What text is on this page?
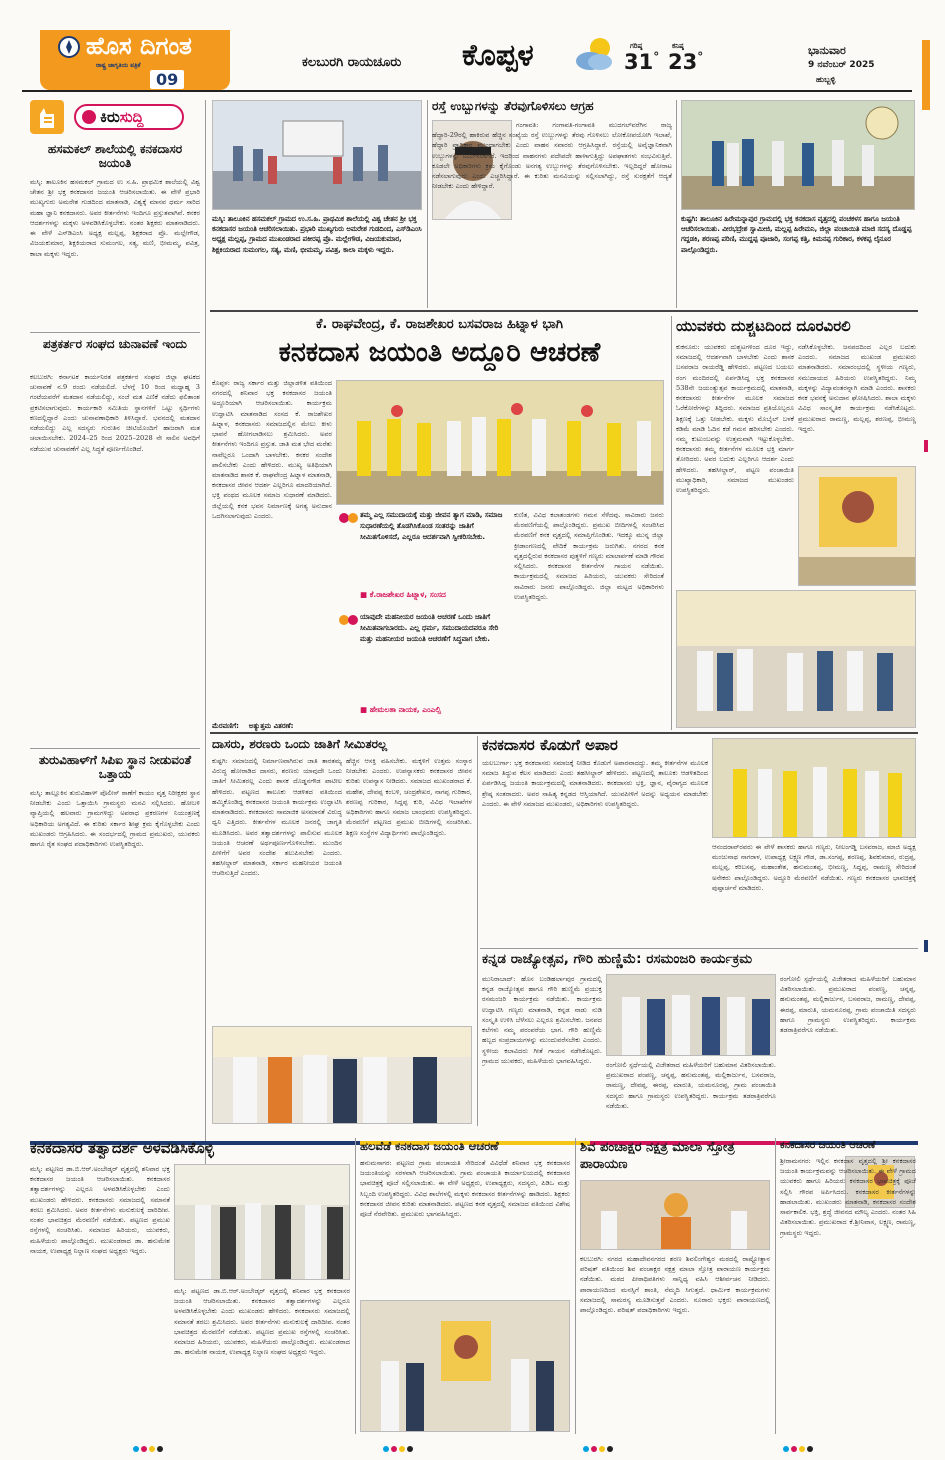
ಹೊಸ ದಿಗಂತ
ರಾಷ್ಟ್ರ ಜಾಗೃತಿಯ ಪತ್ರಿಕೆ
09
ಕಲಬುರಗಿ ರಾಯಚೂರು ಕೊಪ್ಪಳ	ಗರಿಷ್ಠ
31°
ಕನಿಷ್ಠ
23°	ಭಾನುವಾರ
9 ನವೆಂಬರ್ 2025
ಹುಬ್ಬಳ್ಳಿ
ಕಿರುಸುದ್ದಿ
ಹಸಮಕಲ್ ಶಾಲೆಯಲ್ಲಿ ಕನಕದಾಸರ ಜಯಂತಿ
ಮಸ್ಕಿ: ತಾಲೂಕಿನ ಹಸಮಕಲ್ ಗ್ರಾಮದ ಉ ಸ.ಹಿ. ಪ್ರಾಥಮಿಕ ಶಾಲೆಯಲ್ಲಿ ವಿಶ್ವ ಚೇತನ ಶ್ರೀ ಭಕ್ತ ಕನಕದಾಸರ ಜಯಂತಿ ಆಚರಿಸಲಾಯಿತು. ಈ ವೇಳೆ ಪ್ರಭಾರಿ ಮುಖ್ಯಗುರು ಅಮರೇಶ ಗುಡದಿಂದ ಮಾತನಾಡಿ, ವಿಶ್ವಕ್ಕೆ ಮಾನವ ಧರ್ಮ ಸಾರಿದ ಮಹಾ ಜ್ಞಾನಿ ಕನಕದಾಸರು. ಅವರ ಕೀರ್ತನೆಗಳು ಇಂದಿಗೂ ಪ್ರಸ್ತುತವಾಗಿವೆ. ಕನಕರ ಆದರ್ಶಗಳನ್ನು ಮಕ್ಕಳು ಅಳವಡಿಸಿಕೊಳ್ಳಬೇಕು. ನಂತರ ಶಿಕ್ಷಕರು ಮಾತನಾಡಿದರು. ಈ ವೇಳೆ ಎಸ್‌ಡಿಎಂಸಿ ಅಧ್ಯಕ್ಷ ಮಲ್ಲಪ್ಪ, ಶಿಕ್ಷಕರಾದ ಪ್ರೊ. ಮಲ್ಲೇಗೌಡ, ವಿಜಯಕುಮಾರ, ಶಿಕ್ಷಕಿಯರಾದ ಸುಮಂಗಲ, ಸತ್ಯ, ಮಣಿ, ಭೀಮಮ್ಮ, ಪವಿತ್ರ, ಕಾಲಾ ಮಕ್ಕಳು ಇದ್ದರು.
ಪತ್ರಕರ್ತರ ಸಂಘದ ಚುನಾವಣೆ ಇಂದು
ಕಲಬುರಗಿ: ಕರ್ನಾಟಕ ಕಾರ್ಯನಿರತ ಪತ್ರಕರ್ತರ ಸಂಘದ ಜಿಲ್ಲಾ ಘಟಕದ ಚುನಾವಣೆ ನ.9 ರಂದು ನಡೆಯಲಿದೆ. ಬೆಳಗ್ಗೆ 10 ರಿಂದ ಮಧ್ಯಾಹ್ನ 3 ಗಂಟೆಯವರೆಗೆ ಮತದಾನ ನಡೆಯಲಿದ್ದು, ಸಂಜೆ ಮತ ಎಣಿಕೆ ನಡೆದು ಫಲಿತಾಂಶ ಪ್ರಕಟಿಸಲಾಗುವುದು. ಕಾರ್ಯಕಾರಿ ಸಮಿತಿಯ ಸ್ಥಾನಗಳಿಗೆ ಒಟ್ಟು ಸ್ಪರ್ಧಿಗಳು ಕಣದಲ್ಲಿದ್ದಾರೆ ಎಂದು ಚುನಾವಣಾಧಿಕಾರಿ ತಿಳಿಸಿದ್ದಾರೆ. ಭವನದಲ್ಲಿ ಮತದಾನ ನಡೆಯಲಿದ್ದು ಎಲ್ಲ ಸದಸ್ಯರು ಗುರುತಿನ ಚೀಟಿಯೊಂದಿಗೆ ಹಾಜರಾಗಿ ಮತ ಚಲಾಯಿಸಬೇಕು. 2024–25 ರಿಂದ 2025–2028 ನೇ ಸಾಲಿನ ಅವಧಿಗೆ ನಡೆಯುವ ಚುನಾವಣೆಗೆ ಎಲ್ಲ ಸಿದ್ಧತೆ ಪೂರ್ಣಗೊಂಡಿದೆ.
ತುರುವಿಹಾಳ್‌ಗೆ ಸಿಪಿಐ ಸ್ಥಾನ ನೀಡುವಂತೆ ಒತ್ತಾಯ
ಮಸ್ಕಿ: ತಾಲ್ಲೂಕಿನ ತುರುವಿಹಾಳ್ ಪೊಲೀಸ್ ಠಾಣೆಗೆ ಕಾಯಂ ವೃತ್ತ ನಿರೀಕ್ಷಕರ ಸ್ಥಾನ ನೀಡಬೇಕು ಎಂದು ಒತ್ತಾಯಿಸಿ ಗ್ರಾಮಸ್ಥರು ಮನವಿ ಸಲ್ಲಿಸಿದರು. ಹೋಬಳಿ ವ್ಯಾಪ್ತಿಯಲ್ಲಿ ಹಲವಾರು ಗ್ರಾಮಗಳಿದ್ದು ಅಪರಾಧ ಪ್ರಕರಣಗಳ ನಿಯಂತ್ರಣಕ್ಕೆ ಅಧಿಕಾರಿಯ ಅಗತ್ಯವಿದೆ. ಈ ಕುರಿತು ಸರ್ಕಾರ ಶೀಘ್ರ ಕ್ರಮ ಕೈಗೊಳ್ಳಬೇಕು ಎಂದು ಮುಖಂಡರು ಆಗ್ರಹಿಸಿದರು. ಈ ಸಂದರ್ಭದಲ್ಲಿ ಗ್ರಾಮದ ಪ್ರಮುಖರು, ಯುವಕರು ಹಾಗೂ ರೈತ ಸಂಘದ ಪದಾಧಿಕಾರಿಗಳು ಉಪಸ್ಥಿತರಿದ್ದರು.
ಮಸ್ಕಿ: ತಾಲೂಕಿನ ಹಸಮಕಲ್ ಗ್ರಾಮದ ಉ.ಸ.ಹಿ. ಪ್ರಾಥಮಿಕ ಶಾಲೆಯಲ್ಲಿ ವಿಶ್ವ ಚೇತನ ಶ್ರೀ ಭಕ್ತ ಕನಕದಾಸರ ಜಯಂತಿ ಆಚರಿಸಲಾಯಿತು. ಪ್ರಭಾರಿ ಮುಖ್ಯಗುರು ಅಮರೇಶ ಗುಡದಿಂದ, ಎಸ್‌ಡಿಎಂಸಿ ಅಧ್ಯಕ್ಷ ಮಲ್ಲಪ್ಪ, ಗ್ರಾಮದ ಮುಖಂಡರಾದ ಪಕೀರಪ್ಪ ಪ್ರೊ. ಮಲ್ಲೇಗೌಡ, ವಿಜಯಕುಮಾರ, ಶಿಕ್ಷಕಿಯರಾದ ಸುಮಂಗಲ, ಸತ್ಯ, ಮಣಿ, ಭೀಮಮ್ಮ, ಪವಿತ್ರ, ಕಾಲಾ ಮಕ್ಕಳು ಇದ್ದರು.
ರಸ್ತೆ ಉಬ್ಬುಗಳನ್ನು ತೆರವುಗೊಳಿಸಲು ಆಗ್ರಹ
ಗಂಗಾವತಿ: ಗಂಗಾವತಿ-ಗಂಗಾವತಿ ಮುದಗಲ್‌ವರೆಗಿನ ರಾಜ್ಯ ಹೆದ್ದಾರಿ-29ರಲ್ಲಿ ಹಾಕಿರುವ ಹೆಚ್ಚಿನ ಸಂಖ್ಯೆಯ ರಸ್ತೆ ಉಬ್ಬುಗಳನ್ನು ತೆರವು ಗೊಳಿಸಲು ಲೋಕೋಪಯೋಗಿ ಇಲಾಖೆ, ಹೆದ್ದಾರಿ ಪ್ರಾಧಿಕಾರ ಮುಂದಾಗಬೇಕು ಎಂದು ವಾಹನ ಸವಾರರು ಆಗ್ರಹಿಸಿದ್ದಾರೆ. ರಸ್ತೆಯಲ್ಲಿ ಅವೈಜ್ಞಾನಿಕವಾಗಿ ಉಬ್ಬುಗಳನ್ನು ನಿರ್ಮಿಸಲಾಗಿದೆ. ಇದರಿಂದ ವಾಹನಗಳು ಪದೇಪದೇ ಹಾಳಾಗುತ್ತಿದ್ದು ಅಪಘಾತಗಳು ಸಂಭವಿಸುತ್ತಿವೆ. ಕೂಡಲೇ ಅಧಿಕಾರಿಗಳು ಕ್ರಮ ಕೈಗೊಂಡು ಅನಗತ್ಯ ಉಬ್ಬುಗಳನ್ನು ತೆರವುಗೊಳಿಸಬೇಕು. ಇಲ್ಲದಿದ್ದರೆ ಹೋರಾಟ ನಡೆಸಲಾಗುವುದು ಎಂದು ಎಚ್ಚರಿಸಿದ್ದಾರೆ. ಈ ಕುರಿತು ಮನವಿಯನ್ನು ಸಲ್ಲಿಸಲಾಗಿದ್ದು, ರಸ್ತೆ ಸುರಕ್ಷತೆಗೆ ಆದ್ಯತೆ ನೀಡಬೇಕು ಎಂದು ಹೇಳಿದ್ದಾರೆ.
ಕುಷ್ಟಗಿ: ತಾಲೂಕಿನ ಹಿರೇಮನ್ನಾಪುರ ಗ್ರಾಮದಲ್ಲಿ ಭಕ್ತ ಕನಕದಾಸ ವೃತ್ತದಲ್ಲಿ ಪಂಚಕಳಸ ಹಾಗೂ ಜಯಂತಿ ಆಚರಿಸಲಾಯಿತು. ವೀರಭದ್ರೇಶ ಸ್ವಾಮೀಜಿ, ಮಲ್ಲಪ್ಪ ಹಿರೇಮನಿ, ಜಿಲ್ಲಾ ಪಂಚಾಯಿತಿ ಮಾಜಿ ಸದಸ್ಯ ದೊಡ್ಡಪ್ಪ ಗದ್ದಡಕಿ, ಶರಣಪ್ಪ ಪರಿಣಿ, ಮುದ್ದಪ್ಪ ಪೂಜಾರಿ, ಸಂಗಪ್ಪ ಕತ್ತಿ, ಕಿಮನಪ್ಪ ಗುರಿಕಾರ, ಕಳಕಪ್ಪ ಲೈನೂರ ಪಾಲ್ಗೊಂಡಿದ್ದರು.
ಕೆ. ರಾಘವೇಂದ್ರ, ಕೆ. ರಾಜಶೇಖರ ಬಸವರಾಜ ಹಿಟ್ನಾಳ ಭಾಗಿ
ಕನಕದಾಸ ಜಯಂತಿ ಅದ್ದೂರಿ ಆಚರಣೆ
ಕೊಪ್ಪಳ: ರಾಜ್ಯ ಸರ್ಕಾರ ಮತ್ತು ಜಿಲ್ಲಾಡಳಿತ ವತಿಯಿಂದ ನಗರದಲ್ಲಿ ಶನಿವಾರ ಭಕ್ತ ಕನಕದಾಸರ ಜಯಂತಿ ಅದ್ದೂರಿಯಾಗಿ ಆಚರಿಸಲಾಯಿತು. ಕಾರ್ಯಕ್ರಮ ಉದ್ಘಾಟಿಸಿ ಮಾತನಾಡಿದ ಸಂಸದ ಕೆ. ರಾಜಶೇಖರ ಹಿಟ್ನಾಳ, ಕನಕದಾಸರು ಸಮಾಜದಲ್ಲಿನ ಮೇಲು ಕೀಳು ಭಾವನೆ ಹೋಗಲಾಡಿಸಲು ಶ್ರಮಿಸಿದರು. ಅವರ ಕೀರ್ತನೆಗಳು ಇಂದಿಗೂ ಪ್ರಸ್ತುತ. ಜಾತಿ ಮತ ಭೇದ ಮರೆತು ನಾವೆಲ್ಲರೂ ಒಂದಾಗಿ ಬಾಳಬೇಕು. ಕನಕರ ಸಂದೇಶ ಪಾಲಿಸಬೇಕು ಎಂದು ಹೇಳಿದರು. ಮುಖ್ಯ ಅತಿಥಿಯಾಗಿ ಮಾತನಾಡಿದ ಶಾಸಕ ಕೆ. ರಾಘವೇಂದ್ರ ಹಿಟ್ನಾಳ ಮಾತನಾಡಿ, ಕನಕದಾಸರ ಜೀವನ ಆದರ್ಶ ಎಲ್ಲರಿಗೂ ಮಾದರಿಯಾಗಿದೆ. ಭಕ್ತಿ ಪಂಥದ ಮೂಲಕ ಸಮಾಜ ಸುಧಾರಣೆ ಮಾಡಿದರು. ಜಿಲ್ಲೆಯಲ್ಲಿ ಕನಕ ಭವನ ನಿರ್ಮಾಣಕ್ಕೆ ಅಗತ್ಯ ಅನುದಾನ ಒದಗಿಸಲಾಗುವುದು ಎಂದರು.	ತಮ್ಮ ಎಲ್ಲ ಸಮುದಾಯಕ್ಕೆ ಮತ್ತು ಜೀವನ ತ್ಯಾಗ ಮಾಡಿ, ಸಮಾಜ ಸುಧಾರಣೆಯಲ್ಲಿ ತೊಡಗಿಸಿಕೊಂಡ ಸಂತರನ್ನು ಜಾತಿಗೆ ಸೀಮಿತಗೊಳಿಸದೆ, ಎಲ್ಲರೂ ಆದರ್ಶವಾಗಿ ಸ್ವೀಕರಿಸಬೇಕು.
■ ಕೆ.ರಾಜಶೇಖರ ಹಿಟ್ನಾಳ, ಸಂಸದ
ಯಾವುದೇ ಮಹನೀಯರ ಜಯಂತಿ ಆಚರಣೆ ಒಂದು ಜಾತಿಗೆ ಸೀಮಿತವಾಗಬಾರದು. ಎಲ್ಲ ಧರ್ಮ, ಸಮುದಾಯದವರೂ ಸೇರಿ ಮತ್ತು ಮಹನೀಯರ ಜಯಂತಿ ಆಚರಣೆಗೆ ಸಿದ್ಧವಾಗ ಬೇಕು.
■ ಹೇಮಲತಾ ನಾಯಕ, ಎಂಎಲ್ಸಿ
ಕುಣಿತ, ವಿವಿಧ ಕಲಾತಂಡಗಳು ಗಮನ ಸೆಳೆದವು. ಸಾವಿರಾರು ಜನರು ಮೆರವಣಿಗೆಯಲ್ಲಿ ಪಾಲ್ಗೊಂಡಿದ್ದರು. ಪ್ರಮುಖ ಬೀದಿಗಳಲ್ಲಿ ಸಂಚರಿಸಿದ ಮೆರವಣಿಗೆ ಕನಕ ವೃತ್ತದಲ್ಲಿ ಸಮಾಪ್ತಿಗೊಂಡಿತು. ಇದಕ್ಕೂ ಮುನ್ನ ಜಿಲ್ಲಾ ಕ್ರೀಡಾಂಗಣದಲ್ಲಿ ವೇದಿಕೆ ಕಾರ್ಯಕ್ರಮ ಜರುಗಿತು. ನಗರದ ಕನಕ ವೃತ್ತದಲ್ಲಿರುವ ಕನಕದಾಸರ ಪುತ್ಥಳಿಗೆ ಗಣ್ಯರು ಮಾಲಾರ್ಪಣೆ ಮಾಡಿ ಗೌರವ ಸಲ್ಲಿಸಿದರು. ಕನಕದಾಸರ ಕೀರ್ತನೆಗಳ ಗಾಯನ ನಡೆಯಿತು. ಕಾರ್ಯಕ್ರಮದಲ್ಲಿ ಸಮಾಜದ ಹಿರಿಯರು, ಯುವಕರು ಸೇರಿದಂತೆ ಸಾವಿರಾರು ಜನರು ಪಾಲ್ಗೊಂಡಿದ್ದರು. ಜಿಲ್ಲಾ ಮಟ್ಟದ ಅಧಿಕಾರಿಗಳು ಉಪಸ್ಥಿತರಿದ್ದರು.
ಮೆರವಣಿಗೆ: ಅತ್ಯುತ್ತಮ ವಿತರಣೆ:
ಯುವಕರು ದುಶ್ಚಟದಿಂದ ದೂರವಿರಲಿ
ಕುಕನೂರು: ಯುವಕರು ದುಶ್ಚಟಗಳಿಂದ ದೂರ ಇದ್ದು, ಸಮಾಜದಲ್ಲಿ ಆದರ್ಶವಾಗಿ ಬಾಳಬೇಕು ಎಂದು ಶಾಸಕ ಬಸವರಾಜ ರಾಯರೆಡ್ಡಿ ಹೇಳಿದರು. ಪಟ್ಟಣದ ಬಯಲು ರಂಗ ಮಂದಿರದಲ್ಲಿ ಏರ್ಪಡಿಸಿದ್ದ ಭಕ್ತ ಕನಕದಾಸರ 538ನೇ ಜಯಂತ್ಯುತ್ಸವ ಕಾರ್ಯಕ್ರಮದಲ್ಲಿ ಮಾತನಾಡಿ, ಕನಕದಾಸರು ಕೀರ್ತನೆಗಳ ಮೂಲಕ ಸಮಾಜದ ಓರೆಕೋರೆಗಳನ್ನು ತಿದ್ದಿದರು. ಸಮಾಜದ ಪ್ರತಿಯೊಬ್ಬರೂ ಶಿಕ್ಷಣಕ್ಕೆ ಒತ್ತು ನೀಡಬೇಕು. ಮಕ್ಕಳು ಮೊಬೈಲ್ ಬಳಕೆ ಕಡಿಮೆ ಮಾಡಿ ಓದಿನ ಕಡೆ ಗಮನ ಹರಿಸಬೇಕು ಎಂದರು. ನಮ್ಮ ಕುಟುಂಬವನ್ನು ಉತ್ತಮವಾಗಿ ಇಟ್ಟುಕೊಳ್ಳಬೇಕು. ಕನಕದಾಸರು ತಮ್ಮ ಕೀರ್ತನೆಗಳ ಮೂಲಕ ಭಕ್ತಿ ಮಾರ್ಗ ತೋರಿದರು. ಅವರ ಬದುಕು ಎಲ್ಲರಿಗೂ ಆದರ್ಶ ಎಂದು ಹೇಳಿದರು. ತಹಸೀಲ್ದಾರ್, ಪಟ್ಟಣ ಪಂಚಾಯಿತಿ ಮುಖ್ಯಾಧಿಕಾರಿ, ಸಮಾಜದ ಮುಖಂಡರು ಉಪಸ್ಥಿತರಿದ್ದರು.
ನಡೆಸಿಕೊಳ್ಳಬೇಕು. ಜನಪದದಿಂದ ಎಲ್ಲರ ಬದುಕು ಎಂದರು. ಸಮಾಜದ ಮುಖಂಡ ಪ್ರಮುಖರು ಮಾತನಾಡಿದರು. ಸಮಾರಂಭದಲ್ಲಿ ಸ್ಥಳೀಯ ಗಣ್ಯರು, ಸಮುದಾಯದ ಹಿರಿಯರು ಉಪಸ್ಥಿತರಿದ್ದರು. ನಿಮ್ಮ ಮಕ್ಕಳನ್ನು ವಿದ್ಯಾವಂತರನ್ನಾಗಿ ಮಾಡಿ ಎಂದರು. ಶಾಸಕರು ಕನಕ ಭವನಕ್ಕೆ ಅನುದಾನ ಘೋಷಿಸಿದರು. ಶಾಲಾ ಮಕ್ಕಳು ವಿವಿಧ ಸಾಂಸ್ಕೃತಿಕ ಕಾರ್ಯಕ್ರಮ ನಡೆಸಿಕೊಟ್ಟರು. ಪ್ರಮುಖರಾದ ರಾಮಣ್ಣ, ಮಲ್ಲಪ್ಪ, ಶರಣಪ್ಪ, ಭೀಮಣ್ಣ ಇದ್ದರು.
ದಾಸರು, ಶರಣರು ಒಂದು ಜಾತಿಗೆ ಸೀಮಿತರಲ್ಲ
ಕುಷ್ಟಗಿ: ಸಮಾಜದಲ್ಲಿ ನಿರ್ಮಾಣವಾಗಿರುವ ಜಾತಿ ತಾರತಮ್ಯ ವಿರುದ್ಧ ಹೋರಾಡಿದ ದಾಸರು, ಶರಣರು ಯಾವುದೇ ಒಂದು ಜಾತಿಗೆ ಸೀಮಿತರಲ್ಲ ಎಂದು ಶಾಸಕ ದೊಡ್ಡನಗೌಡ ಪಾಟೀಲ ಹೇಳಿದರು. ಪಟ್ಟಣದ ತಾಲೂಕು ಆಡಳಿತದ ವತಿಯಿಂದ ಹಮ್ಮಿಕೊಂಡಿದ್ದ ಕನಕದಾಸರ ಜಯಂತಿ ಕಾರ್ಯಕ್ರಮ ಉದ್ಘಾಟಿಸಿ ಮಾತನಾಡಿದರು. ಕನಕದಾಸರು ಸಾಮಾಜಿಕ ಅಸಮಾನತೆ ವಿರುದ್ಧ ಧ್ವನಿ ಎತ್ತಿದರು. ಕೀರ್ತನೆಗಳ ಮೂಲಕ ಜನರಲ್ಲಿ ಜಾಗೃತಿ ಮೂಡಿಸಿದರು. ಅವರ ತತ್ವಾದರ್ಶಗಳನ್ನು ಪಾಲಿಸುವ ಮೂಲಕ ಜಯಂತಿ ಆಚರಣೆ ಅರ್ಥಪೂರ್ಣಗೊಳಿಸಬೇಕು. ಮುಂದಿನ ಪೀಳಿಗೆಗೆ ಅವರ ಸಂದೇಶ ತಲುಪಿಸಬೇಕು ಎಂದರು. ತಹಸೀಲ್ದಾರ್ ಮಾತನಾಡಿ, ಸರ್ಕಾರ ಮಹನೀಯರ ಜಯಂತಿ ಆಚರಿಸುತ್ತಿದೆ ಎಂದರು.
ಹೆಚ್ಚಿನ ಆಸಕ್ತಿ ವಹಿಸಬೇಕು. ಮಕ್ಕಳಿಗೆ ಉತ್ತಮ ಸಂಸ್ಕಾರ ನೀಡಬೇಕು ಎಂದರು. ಉಪನ್ಯಾಸಕರು ಕನಕದಾಸರ ಜೀವನ ಕುರಿತು ಉಪನ್ಯಾಸ ನೀಡಿದರು. ಸಮಾಜದ ಮುಖಂಡರಾದ ಕೆ. ಮಹೇಶ, ದೇವಪ್ಪ ಕಂಬಳಿ, ಚಂದ್ರಶೇಖರ, ನಾಗಪ್ಪ ಗುರಿಕಾರ, ಶರಣಪ್ಪ ಗುರಿಕಾರ, ಸಿದ್ದಪ್ಪ ಕುರಿ, ವಿವಿಧ ಇಲಾಖೆಗಳ ಅಧಿಕಾರಿಗಳು ಹಾಗೂ ಸಮಾಜ ಬಾಂಧವರು ಉಪಸ್ಥಿತರಿದ್ದರು. ಮೆರವಣಿಗೆ ಪಟ್ಟಣದ ಪ್ರಮುಖ ಬೀದಿಗಳಲ್ಲಿ ಸಂಚರಿಸಿತು. ಶಿಕ್ಷಣ ಸಂಸ್ಥೆಗಳ ವಿದ್ಯಾರ್ಥಿಗಳು ಪಾಲ್ಗೊಂಡಿದ್ದರು.
ಕನಕದಾಸರ ಕೊಡುಗೆ ಅಪಾರ
ಯಲಬುರ್ಗಾ: ಭಕ್ತ ಕನಕದಾಸರು ಸಮಾಜಕ್ಕೆ ನೀಡಿದ ಕೊಡುಗೆ ಅಪಾರವಾದದ್ದು. ತಮ್ಮ ಕೀರ್ತನೆಗಳ ಮೂಲಕ ಸಮಾಜ ತಿದ್ದುವ ಕೆಲಸ ಮಾಡಿದರು ಎಂದು ತಹಸೀಲ್ದಾರ್ ಹೇಳಿದರು. ಪಟ್ಟಣದಲ್ಲಿ ತಾಲೂಕು ಆಡಳಿತದಿಂದ ಏರ್ಪಡಿಸಿದ್ದ ಜಯಂತಿ ಕಾರ್ಯಕ್ರಮದಲ್ಲಿ ಮಾತನಾಡಿದರು. ಕನಕದಾಸರು ಭಕ್ತಿ, ಜ್ಞಾನ, ವೈರಾಗ್ಯದ ಮೂಲಕ ಶ್ರೇಷ್ಠ ಸಂತರಾದರು. ಅವರ ಸಾಹಿತ್ಯ ಕನ್ನಡದ ಆಸ್ತಿಯಾಗಿದೆ. ಯುವಪೀಳಿಗೆ ಅದನ್ನು ಅಧ್ಯಯನ ಮಾಡಬೇಕು ಎಂದರು. ಈ ವೇಳೆ ಸಮಾಜದ ಮುಖಂಡರು, ಅಧಿಕಾರಿಗಳು ಉಪಸ್ಥಿತರಿದ್ದರು.
ಆನಂದರಾವ್‌ರವರು ಈ ವೇಳೆ ಶಾಸಕರು ಹಾಗೂ ಗಣ್ಯರು, ನೀಲಂಗಡ್ಡಿ ಬಸವರಾಜ, ಮಾಜಿ ಅಧ್ಯಕ್ಷ ಮಂಜುನಾಥ ನಾಗರಾಳ, ಉಪಾಧ್ಯಕ್ಷ ಲಕ್ಷ್ಮಣ ಗೌಡ, ಡಾ.ಸಂಗಪ್ಪ, ಶರಣಪ್ಪ, ಶಿವಕುಮಾರ, ರುದ್ರಪ್ಪ, ಮಲ್ಲಪ್ಪ, ಕರಿಬಸಪ್ಪ, ಮಹಾಂತೇಶ, ಹನುಮಂತಪ್ಪ, ಭೀಮಣ್ಣ, ಸಿದ್ದಪ್ಪ, ರಾಮಣ್ಣ ಸೇರಿದಂತೆ ಅನೇಕರು ಪಾಲ್ಗೊಂಡಿದ್ದರು. ಅದ್ದೂರಿ ಮೆರವಣಿಗೆ ನಡೆಯಿತು. ಗಣ್ಯರು ಕನಕದಾಸರ ಭಾವಚಿತ್ರಕ್ಕೆ ಪುಷ್ಪಾರ್ಚನೆ ಮಾಡಿದರು.
ಕನ್ನಡ ರಾಜ್ಯೋತ್ಸವ, ಗೌರಿ ಹುಣ್ಣಿಮೆ: ರಸಮಂಜರಿ ಕಾರ್ಯಕ್ರಮ
ಮುನಿರಾಬಾದ್: ಹೊಸ ಬಂಡಿಹರ್ಲಾಪುರ ಗ್ರಾಮದಲ್ಲಿ ಕನ್ನಡ ರಾಜ್ಯೋತ್ಸವ ಹಾಗೂ ಗೌರಿ ಹುಣ್ಣಿಮೆ ಪ್ರಯುಕ್ತ ರಸಮಂಜರಿ ಕಾರ್ಯಕ್ರಮ ನಡೆಯಿತು. ಕಾರ್ಯಕ್ರಮ ಉದ್ಘಾಟಿಸಿ ಗಣ್ಯರು ಮಾತನಾಡಿ, ಕನ್ನಡ ನಾಡು ನುಡಿ ಸಂಸ್ಕೃತಿ ಉಳಿಸಿ ಬೆಳೆಸಲು ಎಲ್ಲರೂ ಶ್ರಮಿಸಬೇಕು. ಜನಪದ ಕಲೆಗಳು ನಮ್ಮ ಪರಂಪರೆಯ ಭಾಗ. ಗೌರಿ ಹುಣ್ಣಿಮೆ ಹಬ್ಬದ ಸಂಪ್ರದಾಯಗಳನ್ನು ಮುಂದುವರೆಸಬೇಕು ಎಂದರು. ಸ್ಥಳೀಯ ಕಲಾವಿದರು ಗೀತೆ ಗಾಯನ ನಡೆಸಿಕೊಟ್ಟರು. ಗ್ರಾಮದ ಯುವಕರು, ಮಹಿಳೆಯರು ಭಾಗವಹಿಸಿದ್ದರು.
ರಂಗೋಲಿ ಸ್ಪರ್ಧೆಯಲ್ಲಿ ವಿಜೇತರಾದ ಮಹಿಳೆಯರಿಗೆ ಬಹುಮಾನ ವಿತರಿಸಲಾಯಿತು. ಪ್ರಮುಖರಾದ ಪಂಪಣ್ಣ, ಚನ್ನಪ್ಪ, ಹನುಮಂತಪ್ಪ, ಮಲ್ಲಿಕಾರ್ಜುನ, ಬಸವರಾಜ, ರಾಮಣ್ಣ, ದೇವಪ್ಪ, ಈರಪ್ಪ, ಮಾರುತಿ, ಯಮನೂರಪ್ಪ, ಗ್ರಾಮ ಪಂಚಾಯಿತಿ ಸದಸ್ಯರು ಹಾಗೂ ಗ್ರಾಮಸ್ಥರು ಉಪಸ್ಥಿತರಿದ್ದರು. ಕಾರ್ಯಕ್ರಮ ತಡರಾತ್ರಿವರೆಗೂ ನಡೆಯಿತು.
ರಂಗೋಲಿ ಸ್ಪರ್ಧೆಯಲ್ಲಿ ವಿಜೇತರಾದ ಮಹಿಳೆಯರಿಗೆ ಬಹುಮಾನ ವಿತರಿಸಲಾಯಿತು. ಪ್ರಮುಖರಾದ ಪಂಪಣ್ಣ, ಚನ್ನಪ್ಪ, ಹನುಮಂತಪ್ಪ, ಮಲ್ಲಿಕಾರ್ಜುನ, ಬಸವರಾಜ, ರಾಮಣ್ಣ, ದೇವಪ್ಪ, ಈರಪ್ಪ, ಮಾರುತಿ, ಯಮನೂರಪ್ಪ, ಗ್ರಾಮ ಪಂಚಾಯಿತಿ ಸದಸ್ಯರು ಹಾಗೂ ಗ್ರಾಮಸ್ಥರು ಉಪಸ್ಥಿತರಿದ್ದರು. ಕಾರ್ಯಕ್ರಮ ತಡರಾತ್ರಿವರೆಗೂ ನಡೆಯಿತು.
ಕನಕದಾಸರ ತತ್ವಾದರ್ಶ ಅಳವಡಿಸಿಕೊಳ್ಳಿ
ಮಸ್ಕಿ: ಪಟ್ಟಣದ ಡಾ.ಬಿ.ಆರ್.ಅಂಬೇಡ್ಕರ್ ವೃತ್ತದಲ್ಲಿ ಶನಿವಾರ ಭಕ್ತ ಕನಕದಾಸರ ಜಯಂತಿ ಆಚರಿಸಲಾಯಿತು. ಕನಕದಾಸರ ತತ್ವಾದರ್ಶಗಳನ್ನು ಎಲ್ಲರೂ ಅಳವಡಿಸಿಕೊಳ್ಳಬೇಕು ಎಂದು ಮುಖಂಡರು ಹೇಳಿದರು. ಕನಕದಾಸರು ಸಮಾಜದಲ್ಲಿ ಸಮಾನತೆ ತರಲು ಶ್ರಮಿಸಿದರು. ಅವರ ಕೀರ್ತನೆಗಳು ಮನುಕುಲಕ್ಕೆ ದಾರಿದೀಪ. ನಂತರ ಭಾವಚಿತ್ರದ ಮೆರವಣಿಗೆ ನಡೆಯಿತು. ಪಟ್ಟಣದ ಪ್ರಮುಖ ರಸ್ತೆಗಳಲ್ಲಿ ಸಂಚರಿಸಿತು. ಸಮಾಜದ ಹಿರಿಯರು, ಯುವಕರು, ಮಹಿಳೆಯರು ಪಾಲ್ಗೊಂಡಿದ್ದರು. ಮುಖಂಡರಾದ ಡಾ. ಹನುಮೇಶ ನಾಯಕ, ಉಪಾಧ್ಯಕ್ಷ ನಿಲ್ದಾಣ ಸಂಘದ ಅಧ್ಯಕ್ಷರು ಇದ್ದರು.
ಮಸ್ಕಿ: ಪಟ್ಟಣದ ಡಾ.ಬಿ.ಆರ್.ಅಂಬೇಡ್ಕರ್ ವೃತ್ತದಲ್ಲಿ ಶನಿವಾರ ಭಕ್ತ ಕನಕದಾಸರ ಜಯಂತಿ ಆಚರಿಸಲಾಯಿತು. ಕನಕದಾಸರ ತತ್ವಾದರ್ಶಗಳನ್ನು ಎಲ್ಲರೂ ಅಳವಡಿಸಿಕೊಳ್ಳಬೇಕು ಎಂದು ಮುಖಂಡರು ಹೇಳಿದರು. ಕನಕದಾಸರು ಸಮಾಜದಲ್ಲಿ ಸಮಾನತೆ ತರಲು ಶ್ರಮಿಸಿದರು. ಅವರ ಕೀರ್ತನೆಗಳು ಮನುಕುಲಕ್ಕೆ ದಾರಿದೀಪ. ನಂತರ ಭಾವಚಿತ್ರದ ಮೆರವಣಿಗೆ ನಡೆಯಿತು. ಪಟ್ಟಣದ ಪ್ರಮುಖ ರಸ್ತೆಗಳಲ್ಲಿ ಸಂಚರಿಸಿತು. ಸಮಾಜದ ಹಿರಿಯರು, ಯುವಕರು, ಮಹಿಳೆಯರು ಪಾಲ್ಗೊಂಡಿದ್ದರು. ಮುಖಂಡರಾದ ಡಾ. ಹನುಮೇಶ ನಾಯಕ, ಉಪಾಧ್ಯಕ್ಷ ನಿಲ್ದಾಣ ಸಂಘದ ಅಧ್ಯಕ್ಷರು ಇದ್ದರು.
ಹಲವೆಡೆ ಕನಕದಾಸ ಜಯಂತಿ ಆಚರಣೆ
ಹನುಮಸಾಗರ: ಪಟ್ಟಣದ ಗ್ರಾಮ ಪಂಚಾಯತಿ ಸೇರಿದಂತೆ ವಿವಿಧೆಡೆ ಶನಿವಾರ ಭಕ್ತ ಕನಕದಾಸರ ಜಯಂತಿಯನ್ನು ಸರಳವಾಗಿ ಆಚರಿಸಲಾಯಿತು. ಗ್ರಾಮ ಪಂಚಾಯತಿ ಕಾರ್ಯಾಲಯದಲ್ಲಿ ಕನಕದಾಸರ ಭಾವಚಿತ್ರಕ್ಕೆ ಪೂಜೆ ಸಲ್ಲಿಸಲಾಯಿತು. ಈ ವೇಳೆ ಅಧ್ಯಕ್ಷರು, ಉಪಾಧ್ಯಕ್ಷರು, ಸದಸ್ಯರು, ಪಿಡಿಒ ಮತ್ತು ಸಿಬ್ಬಂದಿ ಉಪಸ್ಥಿತರಿದ್ದರು. ವಿವಿಧ ಶಾಲೆಗಳಲ್ಲಿ ಮಕ್ಕಳು ಕನಕದಾಸರ ಕೀರ್ತನೆಗಳನ್ನು ಹಾಡಿದರು. ಶಿಕ್ಷಕರು ಕನಕದಾಸರ ಜೀವನ ಕುರಿತು ಮಾತನಾಡಿದರು. ಪಟ್ಟಣದ ಕನಕ ವೃತ್ತದಲ್ಲಿ ಸಮಾಜದ ವತಿಯಿಂದ ವಿಶೇಷ ಪೂಜೆ ನೆರವೇರಿತು. ಪ್ರಮುಖರು ಭಾಗವಹಿಸಿದ್ದರು.
ಶಿವ ಪಂಚಾಕ್ಷರ ನಕ್ಷತ್ರ ಮಾಲಾ ಸ್ತೋತ್ರ ಪಾರಾಯಣ
ಕಲಬುರಗಿ: ನಗರದ ಮಹಾದೇವನಗರದ ಶರಣ ಶಿವಲಿಂಗೇಶ್ವರ ಮಠದಲ್ಲಿ ರಾಷ್ಟ್ರೋತ್ಥಾನ ಪರಿಷತ್ ವತಿಯಿಂದ ಶಿವ ಪಂಚಾಕ್ಷರ ನಕ್ಷತ್ರ ಮಾಲಾ ಸ್ತೋತ್ರ ಪಾರಾಯಣ ಕಾರ್ಯಕ್ರಮ ನಡೆಯಿತು. ಮಠದ ಪೀಠಾಧಿಪತಿಗಳು ಸಾನ್ನಿಧ್ಯ ವಹಿಸಿ ಆಶೀರ್ವಚನ ನೀಡಿದರು. ಪಾರಾಯಣದಿಂದ ಮನಸ್ಸಿಗೆ ಶಾಂತಿ, ನೆಮ್ಮದಿ ಸಿಗುತ್ತದೆ. ಧಾರ್ಮಿಕ ಕಾರ್ಯಕ್ರಮಗಳು ಸಮಾಜದಲ್ಲಿ ಸಾಮರಸ್ಯ ಮೂಡಿಸುತ್ತವೆ ಎಂದರು. ನೂರಾರು ಭಕ್ತರು ಪಾರಾಯಣದಲ್ಲಿ ಪಾಲ್ಗೊಂಡಿದ್ದರು. ಪರಿಷತ್ ಪದಾಧಿಕಾರಿಗಳು ಇದ್ದರು.
ಕನಕದಾಸರ ಜಯಂತಿ ಆಚರಣೆ
ಶ್ರೀರಾಮನಗರ: ಇಲ್ಲಿನ ಕನಕದಾಸ ವೃತ್ತದಲ್ಲಿ ಶ್ರೀ ಕನಕದಾಸರ ಜಯಂತಿ ಕಾರ್ಯಕ್ರಮವನ್ನು ಆಚರಿಸಲಾಯಿತು. ಈ ವೇಳೆ ಗ್ರಾಮದ ಯುವಕರು ಹಾಗೂ ಹಿರಿಯರು ಕನಕದಾಸರ ಭಾವಚಿತ್ರಕ್ಕೆ ಪೂಜೆ ಸಲ್ಲಿಸಿ ಗೌರವ ಅರ್ಪಿಸಿದರು. ಕನಕದಾಸರ ಕೀರ್ತನೆಗಳನ್ನು ಹಾಡಲಾಯಿತು. ಮುಖಂಡರು ಮಾತನಾಡಿ, ಕನಕದಾಸರ ಸಂದೇಶ ಸಾರ್ವಕಾಲಿಕ. ಭಕ್ತಿ, ಶ್ರದ್ಧೆ ಜೀವನದ ಮೌಲ್ಯ ಎಂದರು. ನಂತರ ಸಿಹಿ ವಿತರಿಸಲಾಯಿತು. ಪ್ರಮುಖರಾದ ಕೆ.ಶ್ರೀನಿವಾಸ, ಲಕ್ಷ್ಮಣ, ರಾಮಣ್ಣ, ಗ್ರಾಮಸ್ಥರು ಇದ್ದರು.
